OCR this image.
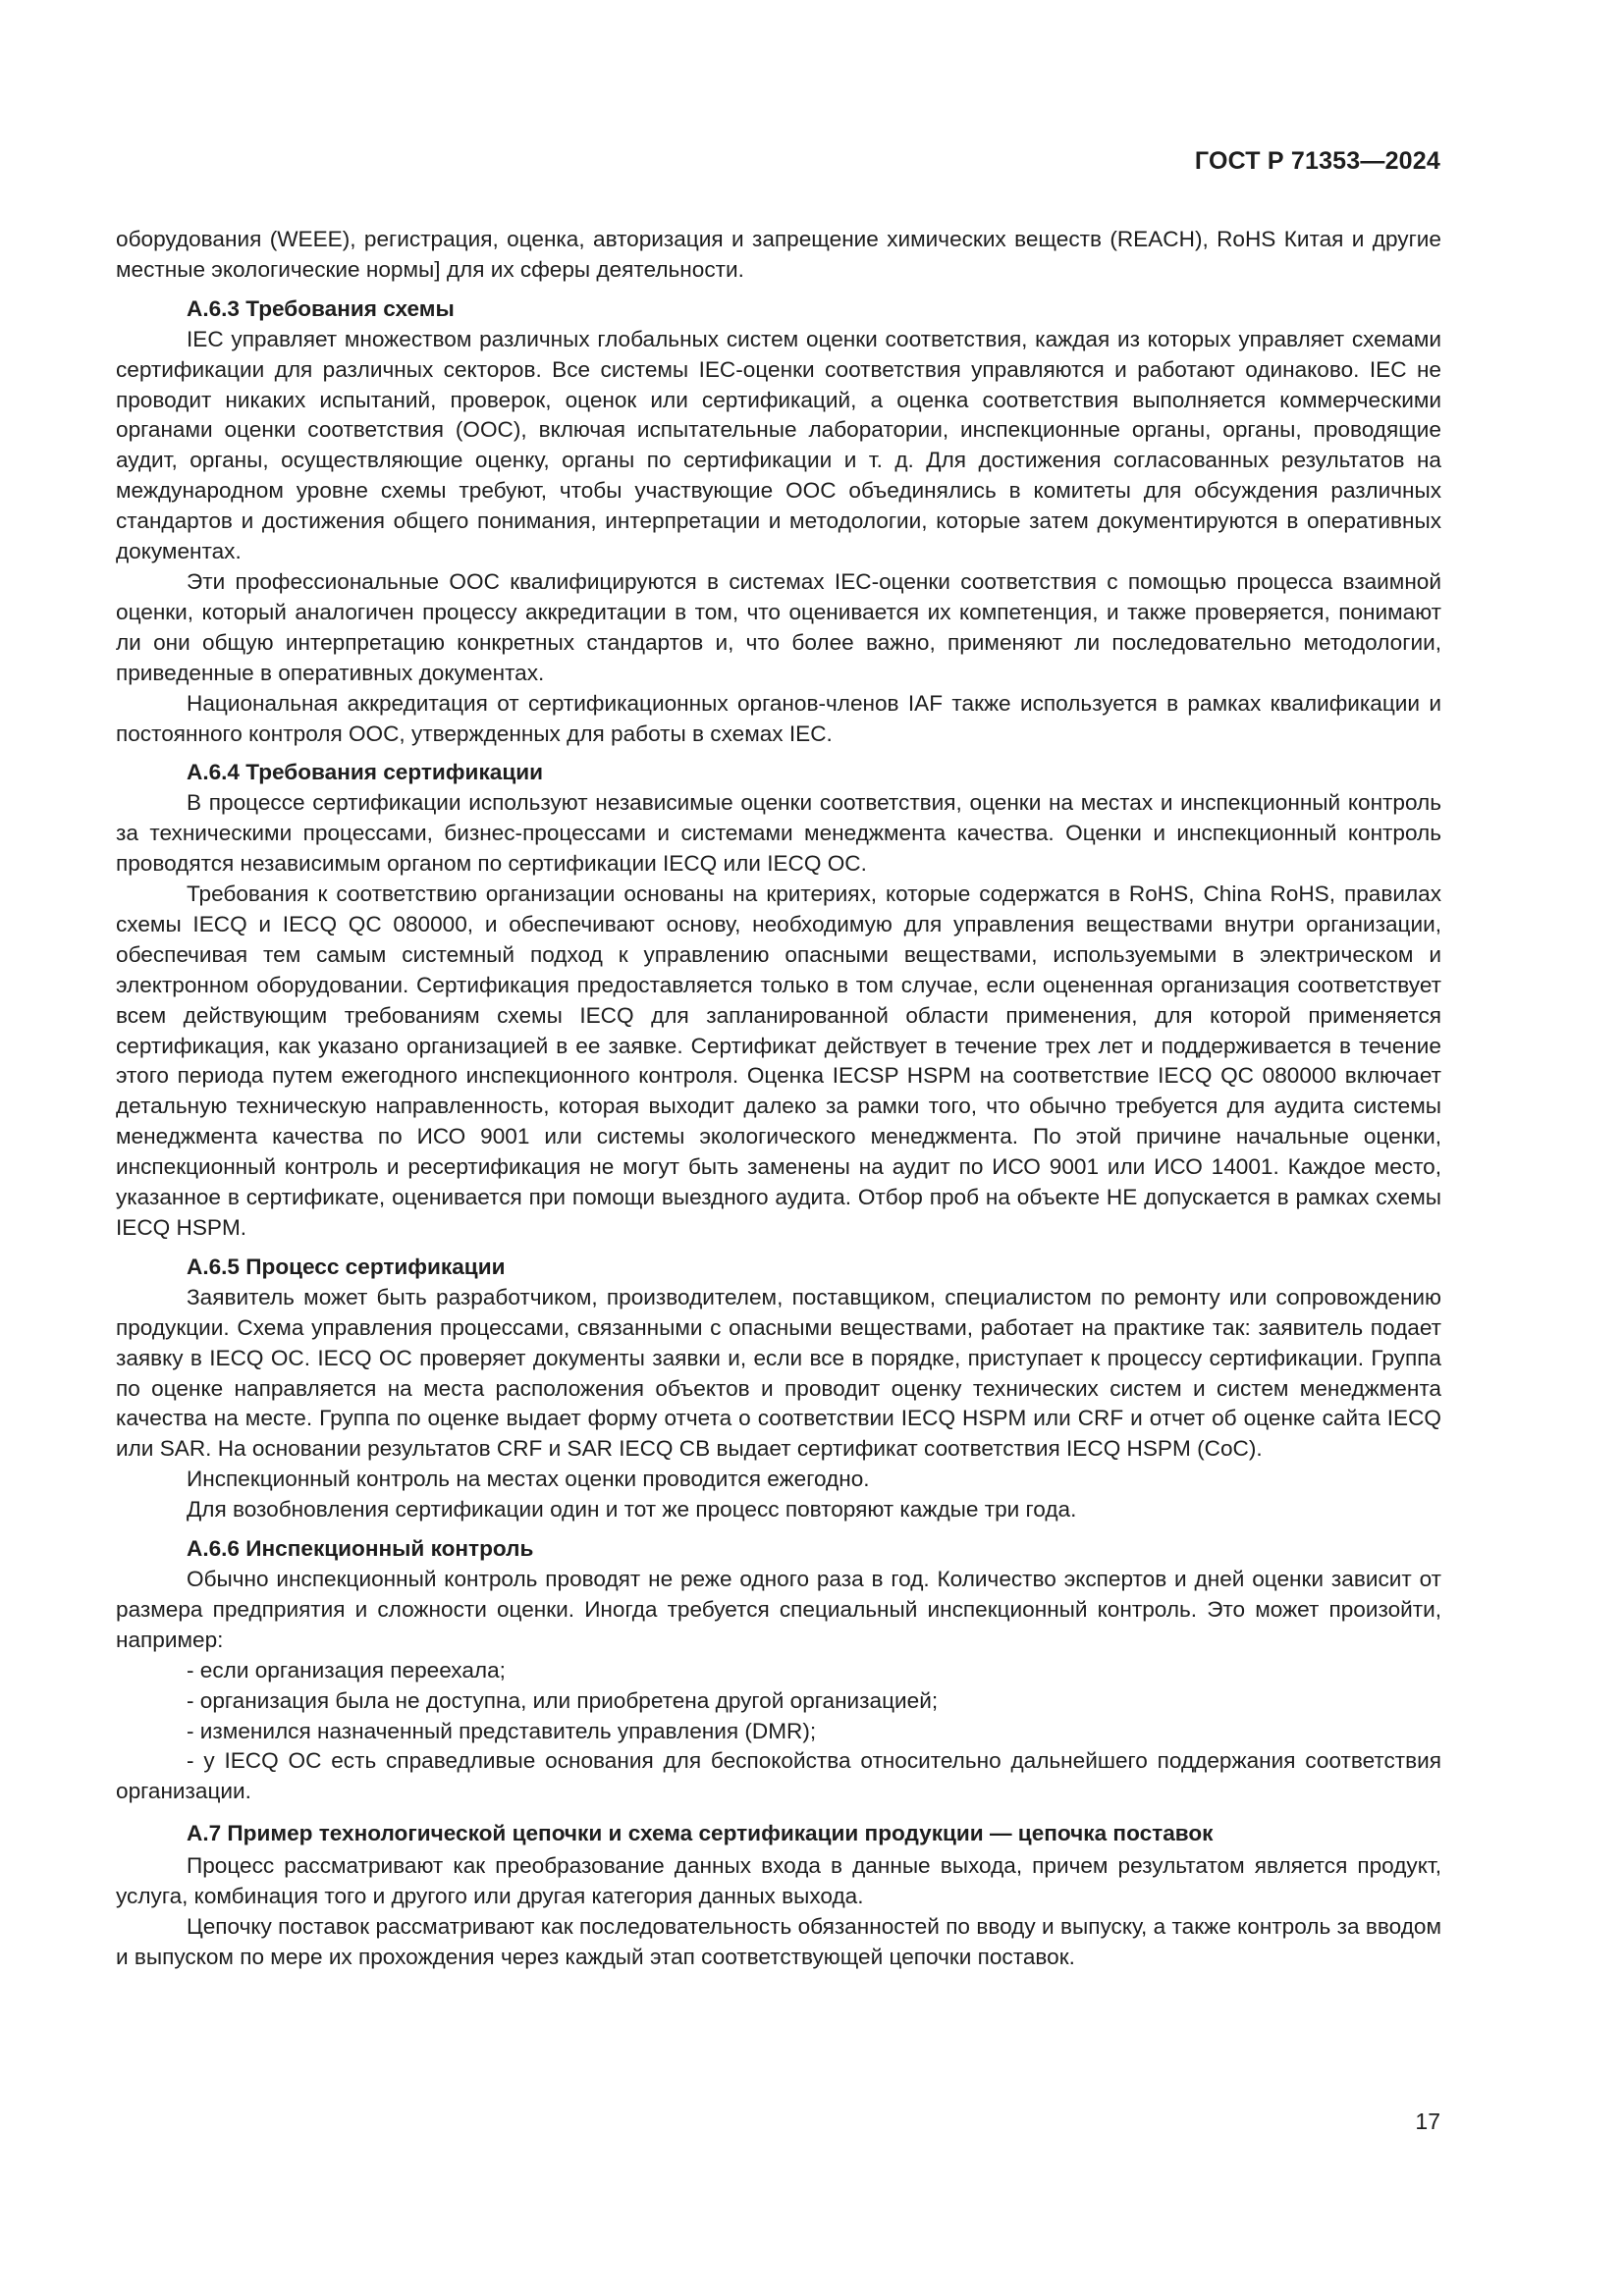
ГОСТ Р 71353—2024

оборудования (WEEE), регистрация, оценка, авторизация и запрещение химических веществ (REACH), RoHS Китая и другие местные экологические нормы] для их сферы деятельности.

А.6.3 Требования схемы

IEC управляет множеством различных глобальных систем оценки соответствия, каждая из которых управляет схемами сертификации для различных секторов. Все системы IEC-оценки соответствия управляются и работают одинаково. IEC не проводит никаких испытаний, проверок, оценок или сертификаций, а оценка соответствия выполняется коммерческими органами оценки соответствия (ООС), включая испытательные лаборатории, инспекционные органы, органы, проводящие аудит, органы, осуществляющие оценку, органы по сертификации и т. д. Для достижения согласованных результатов на международном уровне схемы требуют, чтобы участвующие ООС объединялись в комитеты для обсуждения различных стандартов и достижения общего понимания, интерпретации и методологии, которые затем документируются в оперативных документах.

Эти профессиональные ООС квалифицируются в системах IEC-оценки соответствия с помощью процесса взаимной оценки, который аналогичен процессу аккредитации в том, что оценивается их компетенция, и также проверяется, понимают ли они общую интерпретацию конкретных стандартов и, что более важно, применяют ли последовательно методологии, приведенные в оперативных документах.

Национальная аккредитация от сертификационных органов-членов IAF также используется в рамках квалификации и постоянного контроля ООС, утвержденных для работы в схемах IEC.

А.6.4 Требования сертификации

В процессе сертификации используют независимые оценки соответствия, оценки на местах и инспекционный контроль за техническими процессами, бизнес-процессами и системами менеджмента качества. Оценки и инспекционный контроль проводятся независимым органом по сертификации IECQ или IECQ OC.

Требования к соответствию организации основаны на критериях, которые содержатся в RoHS, China RoHS, правилах схемы IECQ и IECQ QC 080000, и обеспечивают основу, необходимую для управления веществами внутри организации, обеспечивая тем самым системный подход к управлению опасными веществами, используемыми в электрическом и электронном оборудовании. Сертификация предоставляется только в том случае, если оцененная организация соответствует всем действующим требованиям схемы IECQ для запланированной области применения, для которой применяется сертификация, как указано организацией в ее заявке. Сертификат действует в течение трех лет и поддерживается в течение этого периода путем ежегодного инспекционного контроля. Оценка IECSP HSPM на соответствие IECQ QC 080000 включает детальную техническую направленность, которая выходит далеко за рамки того, что обычно требуется для аудита системы менеджмента качества по ИСО 9001 или системы экологического менеджмента. По этой причине начальные оценки, инспекционный контроль и ресертификация не могут быть заменены на аудит по ИСО 9001 или ИСО 14001. Каждое место, указанное в сертификате, оценивается при помощи выездного аудита. Отбор проб на объекте НЕ допускается в рамках схемы IECQ HSPM.

А.6.5 Процесс сертификации

Заявитель может быть разработчиком, производителем, поставщиком, специалистом по ремонту или сопровождению продукции. Схема управления процессами, связанными с опасными веществами, работает на практике так: заявитель подает заявку в IECQ OC. IECQ OC проверяет документы заявки и, если все в порядке, приступает к процессу сертификации. Группа по оценке направляется на места расположения объектов и проводит оценку технических систем и систем менеджмента качества на месте. Группа по оценке выдает форму отчета о соответствии IECQ HSPM или CRF и отчет об оценке сайта IECQ или SAR. На основании результатов CRF и SAR IECQ CB выдает сертификат соответствия IECQ HSPM (CoC).

Инспекционный контроль на местах оценки проводится ежегодно.

Для возобновления сертификации один и тот же процесс повторяют каждые три года.

А.6.6 Инспекционный контроль

Обычно инспекционный контроль проводят не реже одного раза в год. Количество экспертов и дней оценки зависит от размера предприятия и сложности оценки. Иногда требуется специальный инспекционный контроль. Это может произойти, например:

- если организация переехала;

- организация была не доступна, или приобретена другой организацией;

- изменился назначенный представитель управления (DMR);

- у IECQ OC есть справедливые основания для беспокойства относительно дальнейшего поддержания соответствия организации.

А.7 Пример технологической цепочки и схема сертификации продукции — цепочка поставок

Процесс рассматривают как преобразование данных входа в данные выхода, причем результатом является продукт, услуга, комбинация того и другого или другая категория данных выхода.

Цепочку поставок рассматривают как последовательность обязанностей по вводу и выпуску, а также контроль за вводом и выпуском по мере их прохождения через каждый этап соответствующей цепочки поставок.

17
